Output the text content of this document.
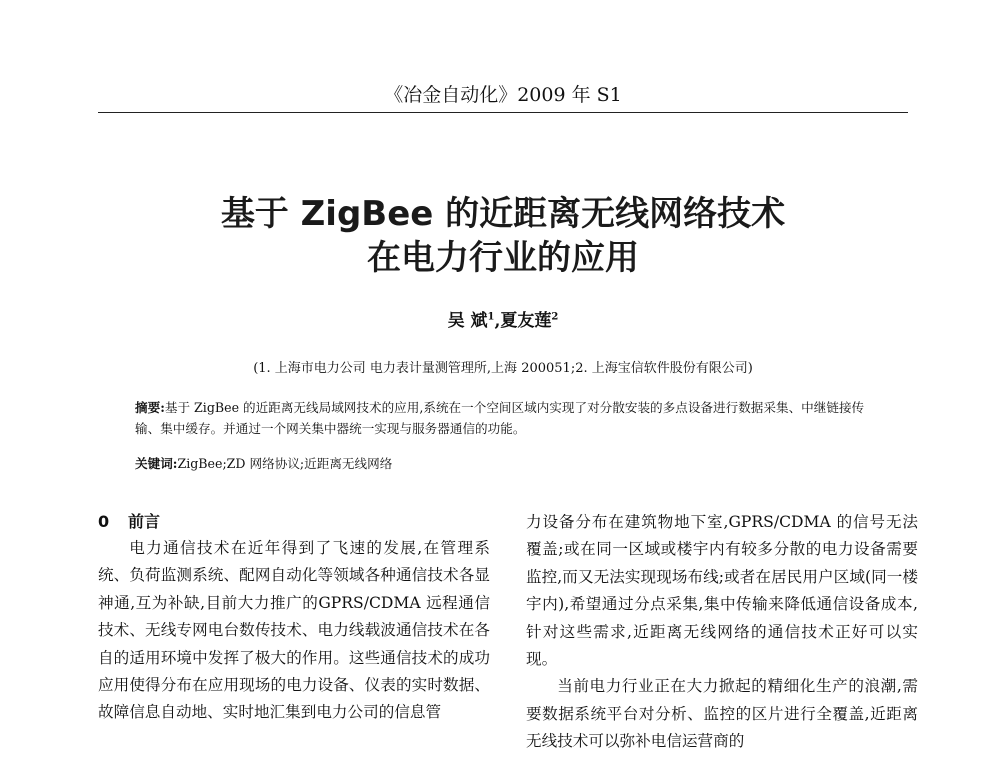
《冶金自动化》2009 年 S1
基于 ZigBee 的近距离无线网络技术
在电力行业的应用
吴 斌$^1$,夏友莲$^2$
(1. 上海市电力公司 电力表计量测管理所,上海 200051;2. 上海宝信软件股份有限公司)
摘要:基于 ZigBee 的近距离无线局域网技术的应用,系统在一个空间区域内实现了对分散安装的多点设备进行数据采集、中继链接传输、集中缓存。并通过一个网关集中器统一实现与服务器通信的功能。
关键词:ZigBee;ZD 网络协议;近距离无线网络
0 前言

电力通信技术在近年得到了飞速的发展,在管理系统、负荷监测系统、配网自动化等领域各种通信技术各显神通,互为补缺,目前大力推广的GPRS/CDMA 远程通信技术、无线专网电台数传技术、电力线载波通信技术在各自的适用环境中发挥了极大的作用。这些通信技术的成功应用使得分布在应用现场的电力设备、仪表的实时数据、故障信息自动地、实时地汇集到电力公司的信息管

力设备分布在建筑物地下室,GPRS/CDMA 的信号无法覆盖;或在同一区域或楼宇内有较多分散的电力设备需要监控,而又无法实现现场布线;或者在居民用户区域(同一楼宇内),希望通过分点采集,集中传输来降低通信设备成本,针对这些需求,近距离无线网络的通信技术正好可以实现。

当前电力行业正在大力掀起的精细化生产的浪潮,需要数据系统平台对分析、监控的区片进行全覆盖,近距离无线技术可以弥补电信运营商的
